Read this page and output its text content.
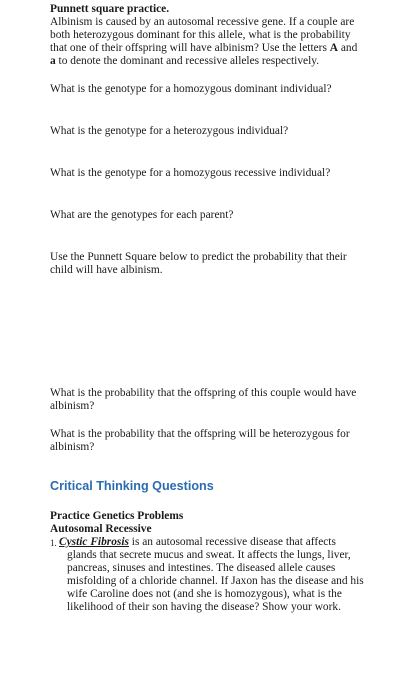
Punnett square practice.
Albinism is caused by an autosomal recessive gene. If a couple are
both heterozygous dominant for this allele, what is the probability
that one of their offspring will have albinism? Use the letters A and
a to denote the dominant and recessive alleles respectively.
What is the genotype for a homozygous dominant individual?
What is the genotype for a heterozygous individual?
What is the genotype for a homozygous recessive individual?
What are the genotypes for each parent?
Use the Punnett Square below to predict the probability that their
child will have albinism.
What is the probability that the offspring of this couple would have
albinism?
What is the probability that the offspring will be heterozygous for
albinism?
Critical Thinking Questions
Practice Genetics Problems
Autosomal Recessive
1. Cystic Fibrosis is an autosomal recessive disease that affects
glands that secrete mucus and sweat. It affects the lungs, liver,
pancreas, sinuses and intestines. The diseased allele causes
misfolding of a chloride channel. If Jaxon has the disease and his
wife Caroline does not (and she is homozygous), what is the
likelihood of their son having the disease? Show your work.
